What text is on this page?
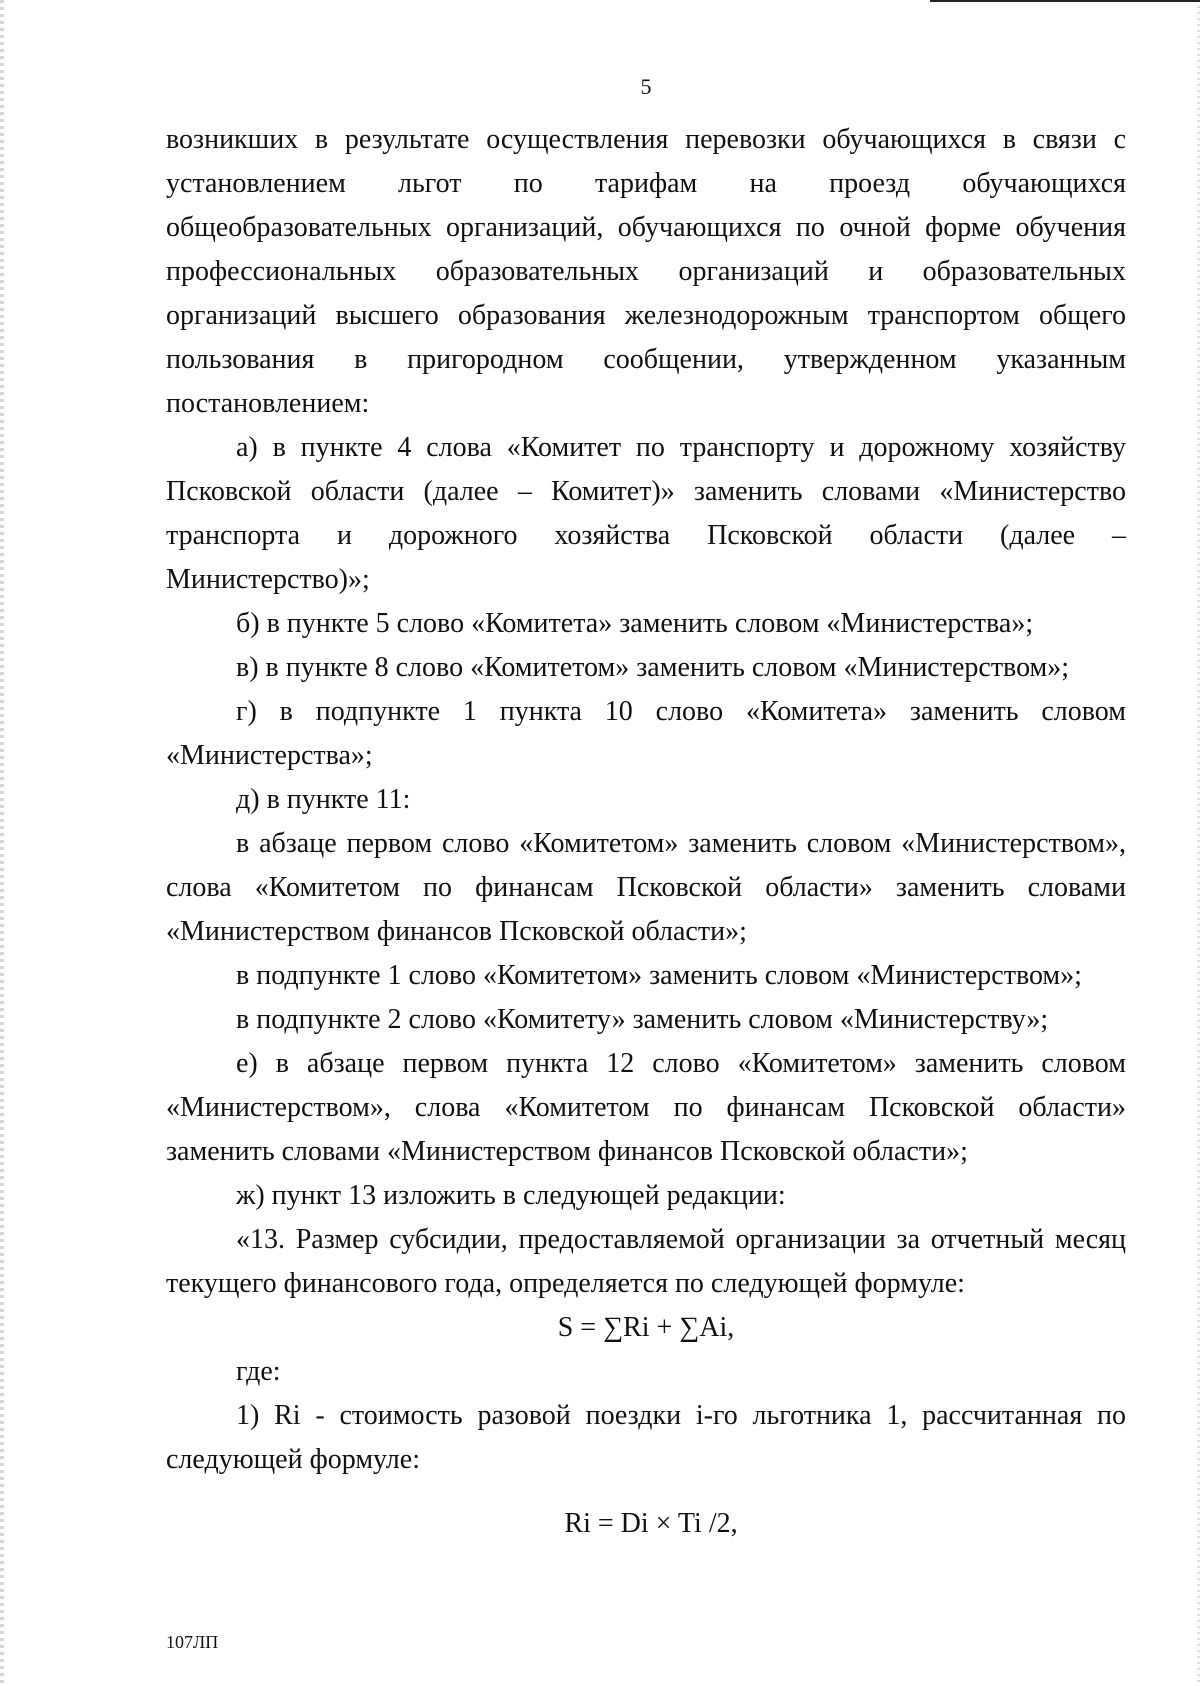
5

возникших в результате осуществления перевозки обучающихся в связи с установлением льгот по тарифам на проезд обучающихся общеобразовательных организаций, обучающихся по очной форме обучения профессиональных образовательных организаций и образовательных организаций высшего образования железнодорожным транспортом общего пользования в пригородном сообщении, утвержденном указанным постановлением:

а) в пункте 4 слова «Комитет по транспорту и дорожному хозяйству Псковской области (далее – Комитет)» заменить словами «Министерство транспорта и дорожного хозяйства Псковской области (далее – Министерство)»;

б) в пункте 5 слово «Комитета» заменить словом «Министерства»;

в) в пункте 8 слово «Комитетом» заменить словом «Министерством»;

г) в подпункте 1 пункта 10 слово «Комитета» заменить словом «Министерства»;

д) в пункте 11:

в абзаце первом слово «Комитетом» заменить словом «Министерством», слова «Комитетом по финансам Псковской области» заменить словами «Министерством финансов Псковской области»;

в подпункте 1 слово «Комитетом» заменить словом «Министерством»;

в подпункте 2 слово «Комитету» заменить словом «Министерству»;

е) в абзаце первом пункта 12 слово «Комитетом» заменить словом «Министерством», слова «Комитетом по финансам Псковской области» заменить словами «Министерством финансов Псковской области»;

ж) пункт 13 изложить в следующей редакции:

«13. Размер субсидии, предоставляемой организации за отчетный месяц текущего финансового года, определяется по следующей формуле:

S = ∑Ri + ∑Ai,

где:

1) Ri - стоимость разовой поездки i-го льготника 1, рассчитанная по следующей формуле:

Ri = Di × Ti /2,

107ЛП
